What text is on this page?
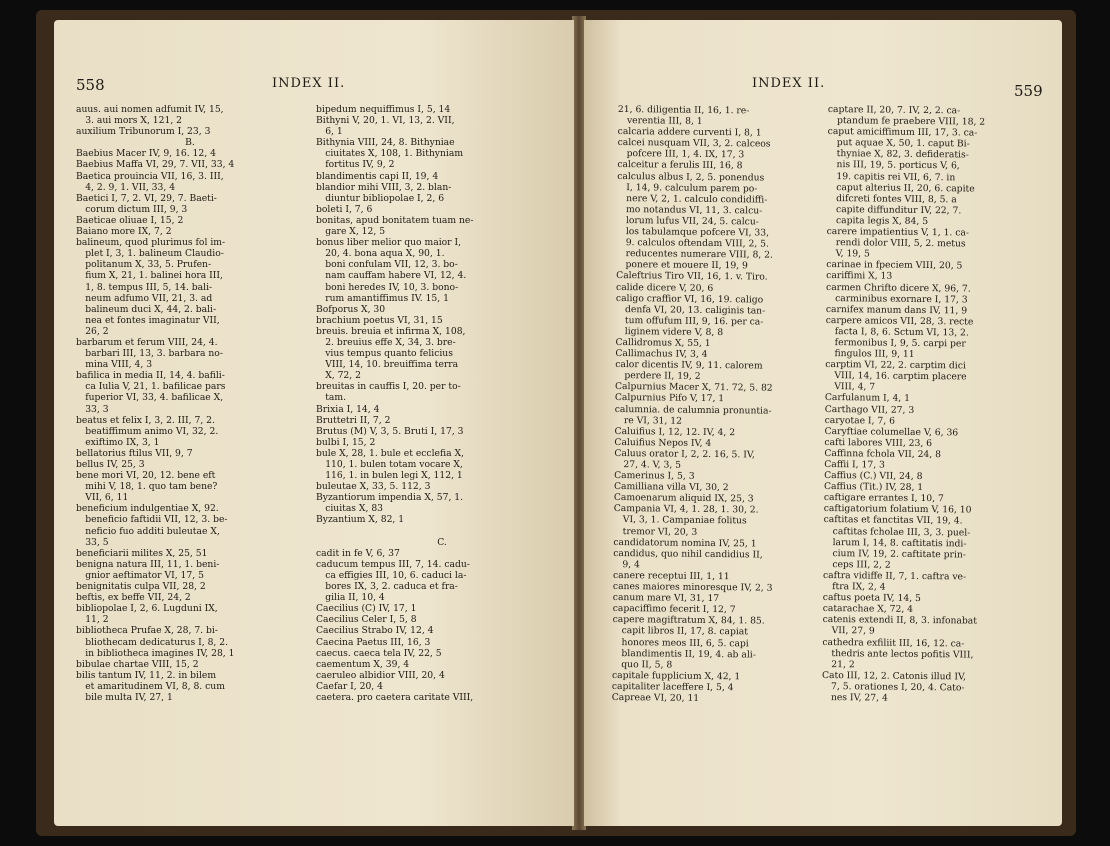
558	INDEX II.
auus. aui nomen adfumit IV, 15,
 3. aui mors X, 121, 2
auxilium Tribunorum I, 23, 3
B.
Baebius Macer IV, 9, 16. 12, 4
Baebius Maffa VI, 29, 7. VII, 33, 4
Baetica prouincia VII, 16, 3. III,
 4, 2. 9, 1. VII, 33, 4
Baetici I, 7, 2. VI, 29, 7. Baeti-
 corum dictum III, 9, 3
Baeticae oliuae I, 15, 2
Baiano more IX, 7, 2
balineum, quod plurimus fol im-
 plet I, 3, 1. balineum Claudio-
 politanum X, 33, 5. Prufen-
 fium X, 21, 1. balinei hora III,
 1, 8. tempus III, 5, 14. bali-
 neum adfumo VII, 21, 3. ad
 balineum duci X, 44, 2. bali-
 nea et fontes imaginatur VII,
 26, 2
barbarum et ferum VIII, 24, 4.
 barbari III, 13, 3. barbara no-
 mina VIII, 4, 3
bafilica in media II, 14, 4. bafili-
 ca Iulia V, 21, 1. bafilicae pars
 fuperior VI, 33, 4. bafilicae X,
 33, 3
beatus et felix I, 3, 2. III, 7, 2.
 beatiffimum animo VI, 32, 2.
 exiftimo IX, 3, 1
bellatorius ftilus VII, 9, 7
bellus IV, 25, 3
bene mori VI, 20, 12. bene eft
 mihi V, 18, 1. quo tam bene?
 VII, 6, 11
beneficium indulgentiae X, 92.
 beneficio faftidii VII, 12, 3. be-
 neficio fuo additi buleutae X,
 33, 5
beneficiarii milites X, 25, 51
benigna natura III, 11, 1. beni-
 gnior aeftimator VI, 17, 5
benignitatis culpa VII, 28, 2
beftis, ex beffe VII, 24, 2
bibliopolae I, 2, 6. Lugduni IX,
 11, 2
bibliotheca Prufae X, 28, 7. bi-
 bliothecam dedicaturus I, 8, 2.
 in bibliotheca imagines IV, 28, 1
bibulae chartae VIII, 15, 2
bilis tantum IV, 11, 2. in bilem
 et amaritudinem VI, 8, 8. cum
 bile multa IV, 27, 1
bipedum nequiffimus I, 5, 14
Bithyni V, 20, 1. VI, 13, 2. VII,
 6, 1
Bithynia VIII, 24, 8. Bithyniae
 ciuitates X, 108, 1. Bithyniam
 fortitus IV, 9, 2
blandimentis capi II, 19, 4
blandior mihi VIII, 3, 2. blan-
 diuntur bibliopolae I, 2, 6
boleti I, 7, 6
bonitas, apud bonitatem tuam ne-
 gare X, 12, 5
bonus liber melior quo maior I,
 20, 4. bona aqua X, 90, 1.
 boni confulam VII, 12, 3. bo-
 nam cauffam habere VI, 12, 4.
 boni heredes IV, 10, 3. bono-
 rum amantiffimus IV. 15, 1
Bofporus X, 30
brachium poetus VI, 31, 15
breuis. breuia et infirma X, 108,
 2. breuius effe X, 34, 3. bre-
 vius tempus quanto felicius
 VIII, 14, 10. breuiffima terra
 X, 72, 2
breuitas in cauffis I, 20. per to-
 tam.
Brixia I, 14, 4
Bruttetri II, 7, 2
Brutus (M) V, 3, 5. Bruti I, 17, 3
bulbi I, 15, 2
bule X, 28, 1. bule et ecclefia X,
 110, 1. bulen totam vocare X,
 116, 1. in bulen legi X, 112, 1
buleutae X, 33, 5. 112, 3
Byzantiorum impendia X, 57, 1.
 ciuitas X, 83
Byzantium X, 82, 1
C.
cadit in fe V, 6, 37
caducum tempus III, 7, 14. cadu-
 ca effigies III, 10, 6. caduci la-
 bores IX, 3, 2. caduca et fra-
 gilia II, 10, 4
Caecilius (C) IV, 17, 1
Caecilius Celer I, 5, 8
Caecilius Strabo IV, 12, 4
Caecina Paetus III, 16, 3
caecus. caeca tela IV, 22, 5
caementum X, 39, 4
caeruleo albidior VIII, 20, 4
Caefar I, 20, 4
caetera. pro caetera caritate VIII,
INDEX II.	559
21, 6. diligentia II, 16, 1. re-
 verentia III, 8, 1
calcaria addere curventi I, 8, 1
calcei nusquam VII, 3, 2. calceos
 pofcere III, 1, 4. IX, 17, 3
calceitur a ferulis III, 16, 8
calculus albus I, 2, 5. ponendus
 I, 14, 9. calculum parem po-
 nere V, 2, 1. calculo condidiffi-
 mo notandus VI, 11, 3. calcu-
 lorum lufus VII, 24, 5. calcu-
 los tabulamque pofcere VI, 33,
 9. calculos oftendam VIII, 2, 5.
 reducentes numerare VIII, 8, 2.
 ponere et mouere II, 19, 9
Caleftrius Tiro VII, 16, 1. v. Tiro.
calide dicere V, 20, 6
caligo craffior VI, 16, 19. caligo
 denfa VI, 20, 13. caliginis tan-
 tum offufum III, 9, 16. per ca-
 liginem videre V, 8, 8
Callidromus X, 55, 1
Callimachus IV, 3, 4
calor dicentis IV, 9, 11. calorem
 perdere II, 19, 2
Calpurnius Macer X, 71. 72, 5. 82
Calpurnius Pifo V, 17, 1
calumnia. de calumnia pronuntia-
 re VI, 31, 12
Caluifius I, 12, 12. IV, 4, 2
Caluifius Nepos IV, 4
Caluus orator I, 2, 2. 16, 5. IV,
 27, 4. V, 3, 5
Camerinus I, 5, 3
Camilliana villa VI, 30, 2
Camoenarum aliquid IX, 25, 3
Campania VI, 4, 1. 28, 1. 30, 2.
 VI, 3, 1. Campaniae folitus
 tremor VI, 20, 3
candidatorum nomina IV, 25, 1
candidus, quo nihil candidius II,
 9, 4
canere receptui III, 1, 11
canes maiores minoresque IV, 2, 3
canum mare VI, 31, 17
capaciffimo fecerit I, 12, 7
capere magiftratum X, 84, 1. 85.
 capit libros II, 17, 8. capiat
 honores meos III, 6, 5. capi
 blandimentis II, 19, 4. ab ali-
 quo II, 5, 8
capitale fupplicium X, 42, 1
capitaliter laceffere I, 5, 4
Capreae VI, 20, 11
captare II, 20, 7. IV, 2, 2. ca-
 ptandum fe praebere VIII, 18, 2
caput amiciffimum III, 17, 3. ca-
 put aquae X, 50, 1. caput Bi-
 thyniae X, 82, 3. defideratis-
 nis III, 19, 5. porticus V, 6,
 19. capitis rei VII, 6, 7. in
 caput alterius II, 20, 6. capite
 difcreti fontes VIII, 8, 5. a
 capite diffunditur IV, 22, 7.
 capita legis X, 84, 5
carere impatientius V, 1, 1. ca-
 rendi dolor VIII, 5, 2. metus
 V, 19, 5
carinae in fpeciem VIII, 20, 5
cariffimi X, 13
carmen Chrifto dicere X, 96, 7.
 carminibus exornare I, 17, 3
carnifex manum dans IV, 11, 9
carpere amicos VII, 28, 3. recte
 facta I, 8, 6. Sctum VI, 13, 2.
 fermonibus I, 9, 5. carpi per
 fingulos III, 9, 11
carptim VI, 22, 2. carptim dici
 VIII, 14, 16. carptim placere
 VIII, 4, 7
Carfulanum I, 4, 1
Carthago VII, 27, 3
caryotae I, 7, 6
Caryftiae columellae V, 6, 36
cafti labores VIII, 23, 6
Caffinna fchola VII, 24, 8
Caffii I, 17, 3
Caffius (C.) VII, 24, 8
Caffius (Tit.) IV, 28, 1
caftigare errantes I, 10, 7
caftigatorium folatium V, 16, 10
caftitas et fanctitas VII, 19, 4.
 caftitas fcholae III, 3, 3. puel-
 larum I, 14, 8. caftitatis indi-
 cium IV, 19, 2. caftitate prin-
 ceps III, 2, 2
caftra vidiffe II, 7, 1. caftra ve-
 ftra IX, 2, 4
caftus poeta IV, 14, 5
catarachae X, 72, 4
catenis extendi II, 8, 3. infonabat
 VII, 27, 9
cathedra exfiliit III, 16, 12. ca-
 thedris ante lectos pofitis VIII,
 21, 2
Cato III, 12, 2. Catonis illud IV,
 7, 5. orationes I, 20, 4. Cato-
 nes IV, 27, 4
